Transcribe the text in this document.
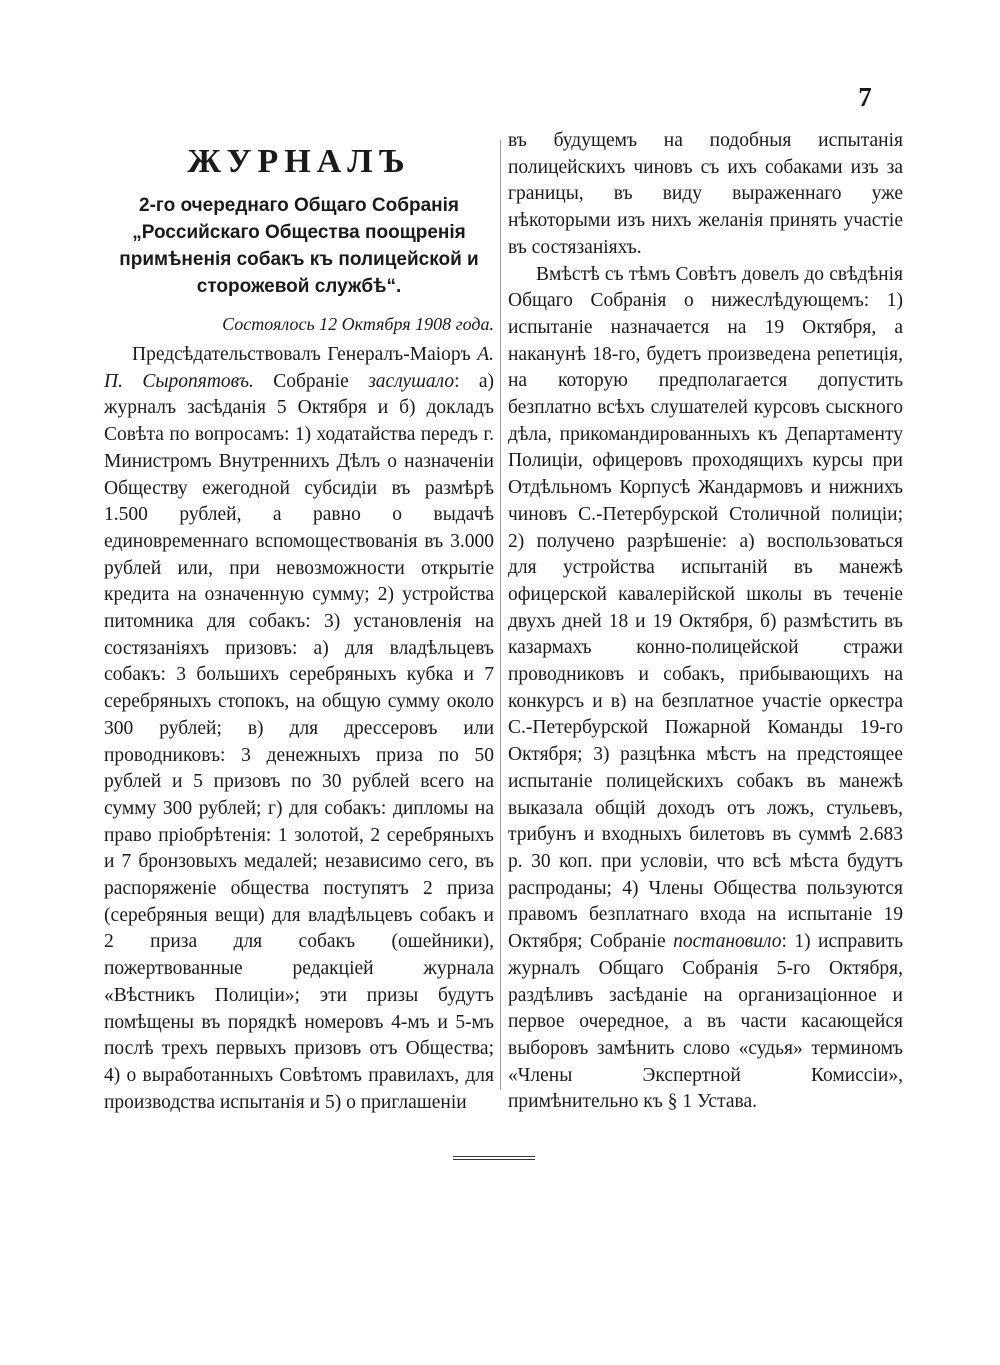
7
ЖУРНАЛЪ
2-го очереднаго Общаго Собранія „Российскаго Общества поощренія примѣненія собакъ къ полицейской и сторожевой службѣ“.
Состоялось 12 Октября 1908 года.

Предсѣдательствовалъ Генералъ-Маіоръ А. П. Сыропятовъ. Собраніе заслушало: а) журналъ засѣданія 5 Октября и б) докладъ Совѣта по вопросамъ: 1) ходатайства передъ г. Министромъ Внутреннихъ Дѣлъ о назначеніи Обществу ежегодной субсидіи въ размѣрѣ 1.500 рублей, а равно о выдачѣ единовременнаго вспомоществованія въ 3.000 рублей или, при невозможности открытіе кредита на означенную сумму; 2) устройства питомника для собакъ: 3) установленія на состязаніяхъ призовъ: а) для владѣльцевъ собакъ: 3 большихъ серебряныхъ кубка и 7 серебряныхъ стопокъ, на общую сумму около 300 рублей; в) для дрессеровъ или проводниковъ: 3 денежныхъ приза по 50 рублей и 5 призовъ по 30 рублей всего на сумму 300 рублей; г) для собакъ: дипломы на право пріобрѣтенія: 1 золотой, 2 серебряныхъ и 7 бронзовыхъ медалей; независимо сего, въ распоряженіе общества поступятъ 2 приза (серебряныя вещи) для владѣльцевъ собакъ и 2 приза для собакъ (ошейники), пожертвованные редакціей журнала «Вѣстникъ Полиціи»; эти призы будутъ помѣщены въ порядкѣ номеровъ 4-мъ и 5-мъ послѣ трехъ первыхъ призовъ отъ Общества; 4) о выработанныхъ Совѣтомъ правилахъ, для производства испытанія и 5) о приглашеніи

въ будущемъ на подобныя испытанія полицейскихъ чиновъ съ ихъ собаками изъ за границы, въ виду выраженнаго уже нѣкоторыми изъ нихъ желанія принять участіе въ состязаніяхъ.

Вмѣстѣ съ тѣмъ Совѣтъ довелъ до свѣдѣнія Общаго Собранія о нижеслѣдующемъ: 1) испытаніе назначается на 19 Октября, а наканунѣ 18-го, будетъ произведена репетиція, на которую предполагается допустить безплатно всѣхъ слушателей курсовъ сыскного дѣла, прикомандированныхъ къ Департаменту Полиціи, офицеровъ проходящихъ курсы при Отдѣльномъ Корпусѣ Жандармовъ и нижнихъ чиновъ С.-Петербурской Столичной полиціи; 2) получено разрѣшеніе: а) воспользоваться для устройства испытаній въ манежѣ офицерской кавалерійской школы въ теченіе двухъ дней 18 и 19 Октября, б) размѣстить въ казармахъ конно-полицейской стражи проводниковъ и собакъ, прибывающихъ на конкурсъ и в) на безплатное участіе оркестра С.-Петербурской Пожарной Команды 19-го Октября; 3) разцѣнка мѣстъ на предстоящее испытаніе полицейскихъ собакъ въ манежѣ выказала общій доходъ отъ ложъ, стульевъ, трибунъ и входныхъ билетовъ въ суммѣ 2.683 р. 30 коп. при условіи, что всѣ мѣста будутъ распроданы; 4) Члены Общества пользуются правомъ безплатнаго входа на испытаніе 19 Октября; Собраніе постановило: 1) исправить журналъ Общаго Собранія 5-го Октября, раздѣливъ засѣданіе на организаціонное и первое очередное, а въ части касающейся выборовъ замѣнить слово «судья» терминомъ «Члены Экспертной Комиссіи», примѣнительно къ § 1 Устава.
